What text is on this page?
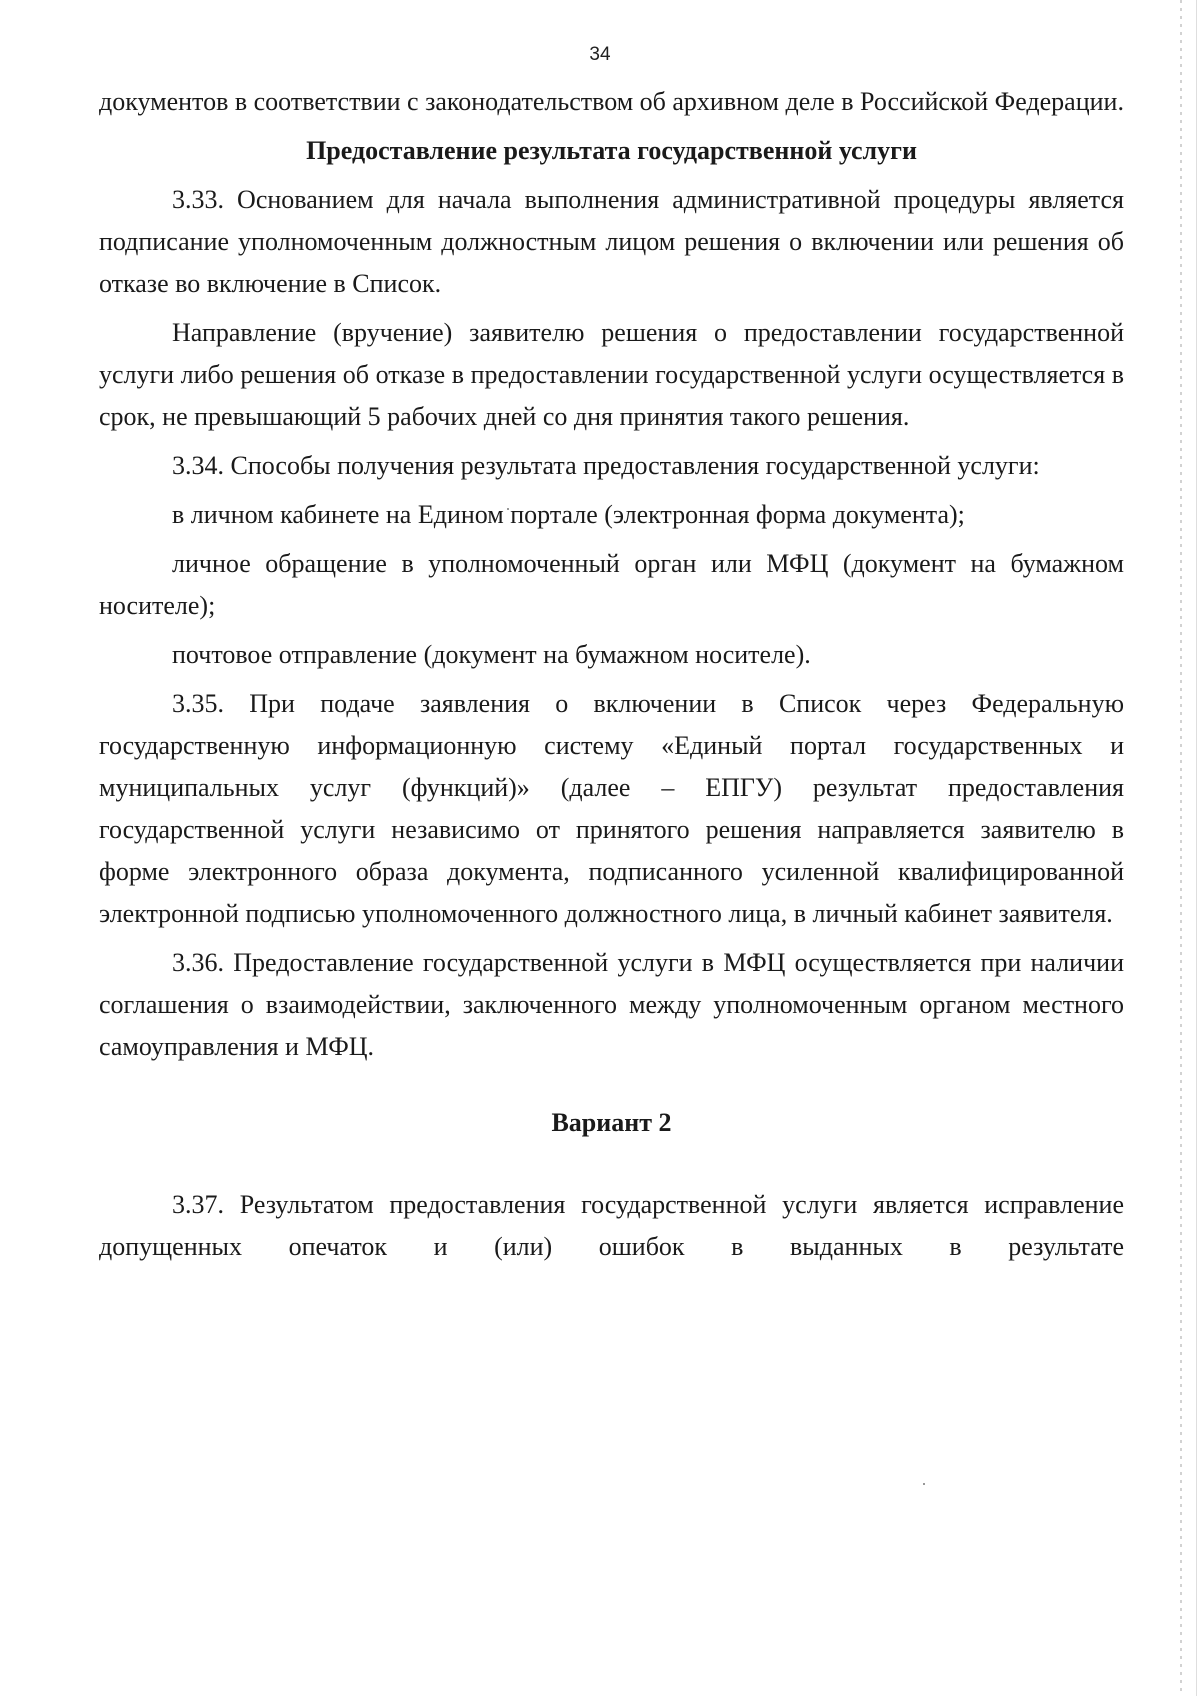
34

документов в соответствии с законодательством об архивном деле в Российской Федерации.

Предоставление результата государственной услуги

3.33. Основанием для начала выполнения административной процедуры является подписание уполномоченным должностным лицом решения о включении или решения об отказе во включение в Список.

Направление (вручение) заявителю решения о предоставлении государственной услуги либо решения об отказе в предоставлении государственной услуги осуществляется в срок, не превышающий 5 рабочих дней со дня принятия такого решения.

3.34. Способы получения результата предоставления государственной услуги:

в личном кабинете на Едином портале (электронная форма документа);

личное обращение в уполномоченный орган или МФЦ (документ на бумажном носителе);

почтовое отправление (документ на бумажном носителе).

3.35. При подаче заявления о включении в Список через Федеральную государственную информационную систему «Единый портал государственных и муниципальных услуг (функций)» (далее – ЕПГУ) результат предоставления государственной услуги независимо от принятого решения направляется заявителю в форме электронного образа документа, подписанного усиленной квалифицированной электронной подписью уполномоченного должностного лица, в личный кабинет заявителя.

3.36. Предоставление государственной услуги в МФЦ осуществляется при наличии соглашения о взаимодействии, заключенного между уполномоченным органом местного самоуправления и МФЦ.

Вариант 2

3.37. Результатом предоставления государственной услуги является исправление допущенных опечаток и (или) ошибок в выданных в результате
